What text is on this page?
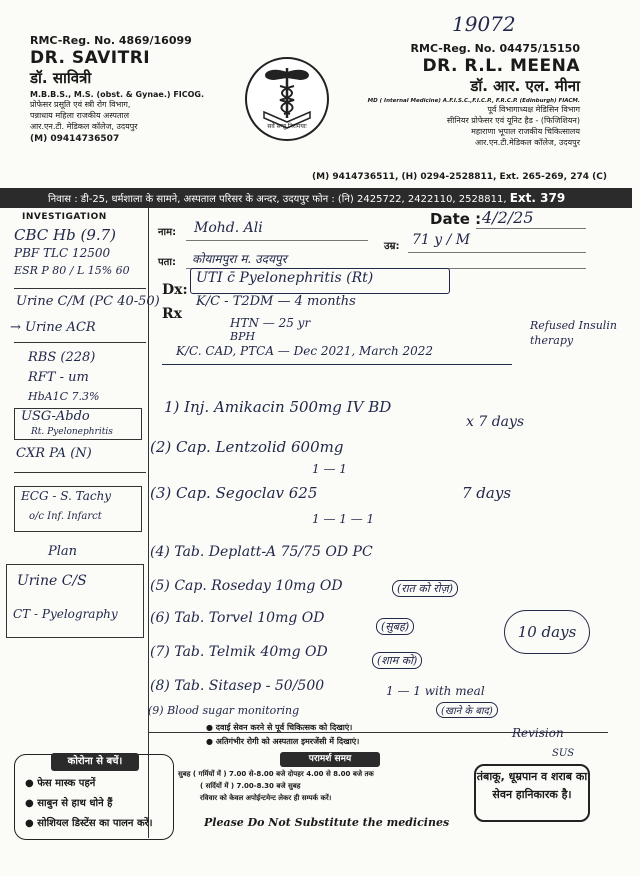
19072
RMC-Reg. No. 4869/16099
DR. SAVITRI
डॉ. सावित्री
M.B.B.S., M.S. (obst. & Gynae.) FICOG.
प्रोफेसर प्रसूति एवं स्त्री रोग विभाग,
पन्नाधाय महिला राजकीय अस्पताल
आर.एन.टी. मेडिकल कॉलेज, उदयपुर
(M) 09414736507
सर्वे सन्तु निरामयाः
RMC-Reg. No. 04475/15150
DR. R.L. MEENA
डॉ. आर. एल. मीना
MD ( Internal Medicine) A.F.I.S.C.,F.I.C.P., F.R.C.P. (Edinburgh) FIACM.
पूर्व विभागाध्यक्ष मेडिसिन विभाग
सीनियर प्रोफेसर एवं यूनिट हैड - (फिजिशियन)
महाराणा भूपाल राजकीय चिकित्सालय
आर.एन.टी.मेडिकल कॉलेज, उदयपुर
(M) 9414736511, (H) 0294-2528811, Ext. 265-269, 274 (C)
निवास : डी-25, धर्मशाला के सामने, अस्पताल परिसर के अन्दर, उदयपुर फोन : (नि) 2425722, 2422110, 2528811, Ext. 379
INVESTIGATION
CBC Hb (9.7)
PBF TLC 12500
ESR P 80 / L 15% 60
Urine C/M (PC 40-50)
→ Urine ACR
RBS (228)
RFT - um
HbA1C 7.3%
USG-Abdo
Rt. Pyelonephritis
CXR PA (N)
ECG - S. Tachy
o/c Inf. Infarct
Plan
Urine C/S
CT - Pyelography
Date : 4/2/25
नाम: Mohd. Ali
उम्र: 71 y / M
पता: कोयामपुरा म. उदयपुर
Dx:
Rx
UTI c̄ Pyelonephritis (Rt)
K/C - T2DM — 4 months
HTN — 25 yr
BPH
K/C. CAD, PTCA — Dec 2021, March 2022
Refused Insulin therapy
1) Inj. Amikacin 500mg IV BD
x 7 days
(2) Cap. Lentzolid 600mg
1 — 1
(3) Cap. Segoclav 625
1 — 1 — 1
7 days
(4) Tab. Deplatt-A 75/75 OD PC
(5) Cap. Roseday 10mg OD	(रात को रोज़)
(6) Tab. Torvel 10mg OD
(सुबह)
(7) Tab. Telmik 40mg OD
(शाम को)
10 days
(8) Tab. Sitasep - 50/500	1 — 1 with meal
(9) Blood sugar monitoring	(खाने के बाद)
Revision
SUS
● दवाई सेवन करने से पूर्व चिकित्सक को दिखाएं।
● अतिगंभीर रोगी को अस्पताल इमरजेंसी में दिखाएं।
कोरोना से बचें।
● फेस मास्क पहनें
● साबुन से हाथ धोने हैं
● सोशियल डिस्टेंस का पालन करें।
परामर्श समय
सुबह ( गर्मियों में ) 7.00 से-8.00 बजे दोपहर 4.00 से 8.00 बजे तक
( सर्दियों में ) 7.00-8.30 बजे सुबह
रविवार को केवल अपोईन्टमेन्ट लेकर ही सम्पर्क करें।
Please Do Not Substitute the medicines
तंबाकू, धूम्रपान व शराब का सेवन हानिकारक है।
